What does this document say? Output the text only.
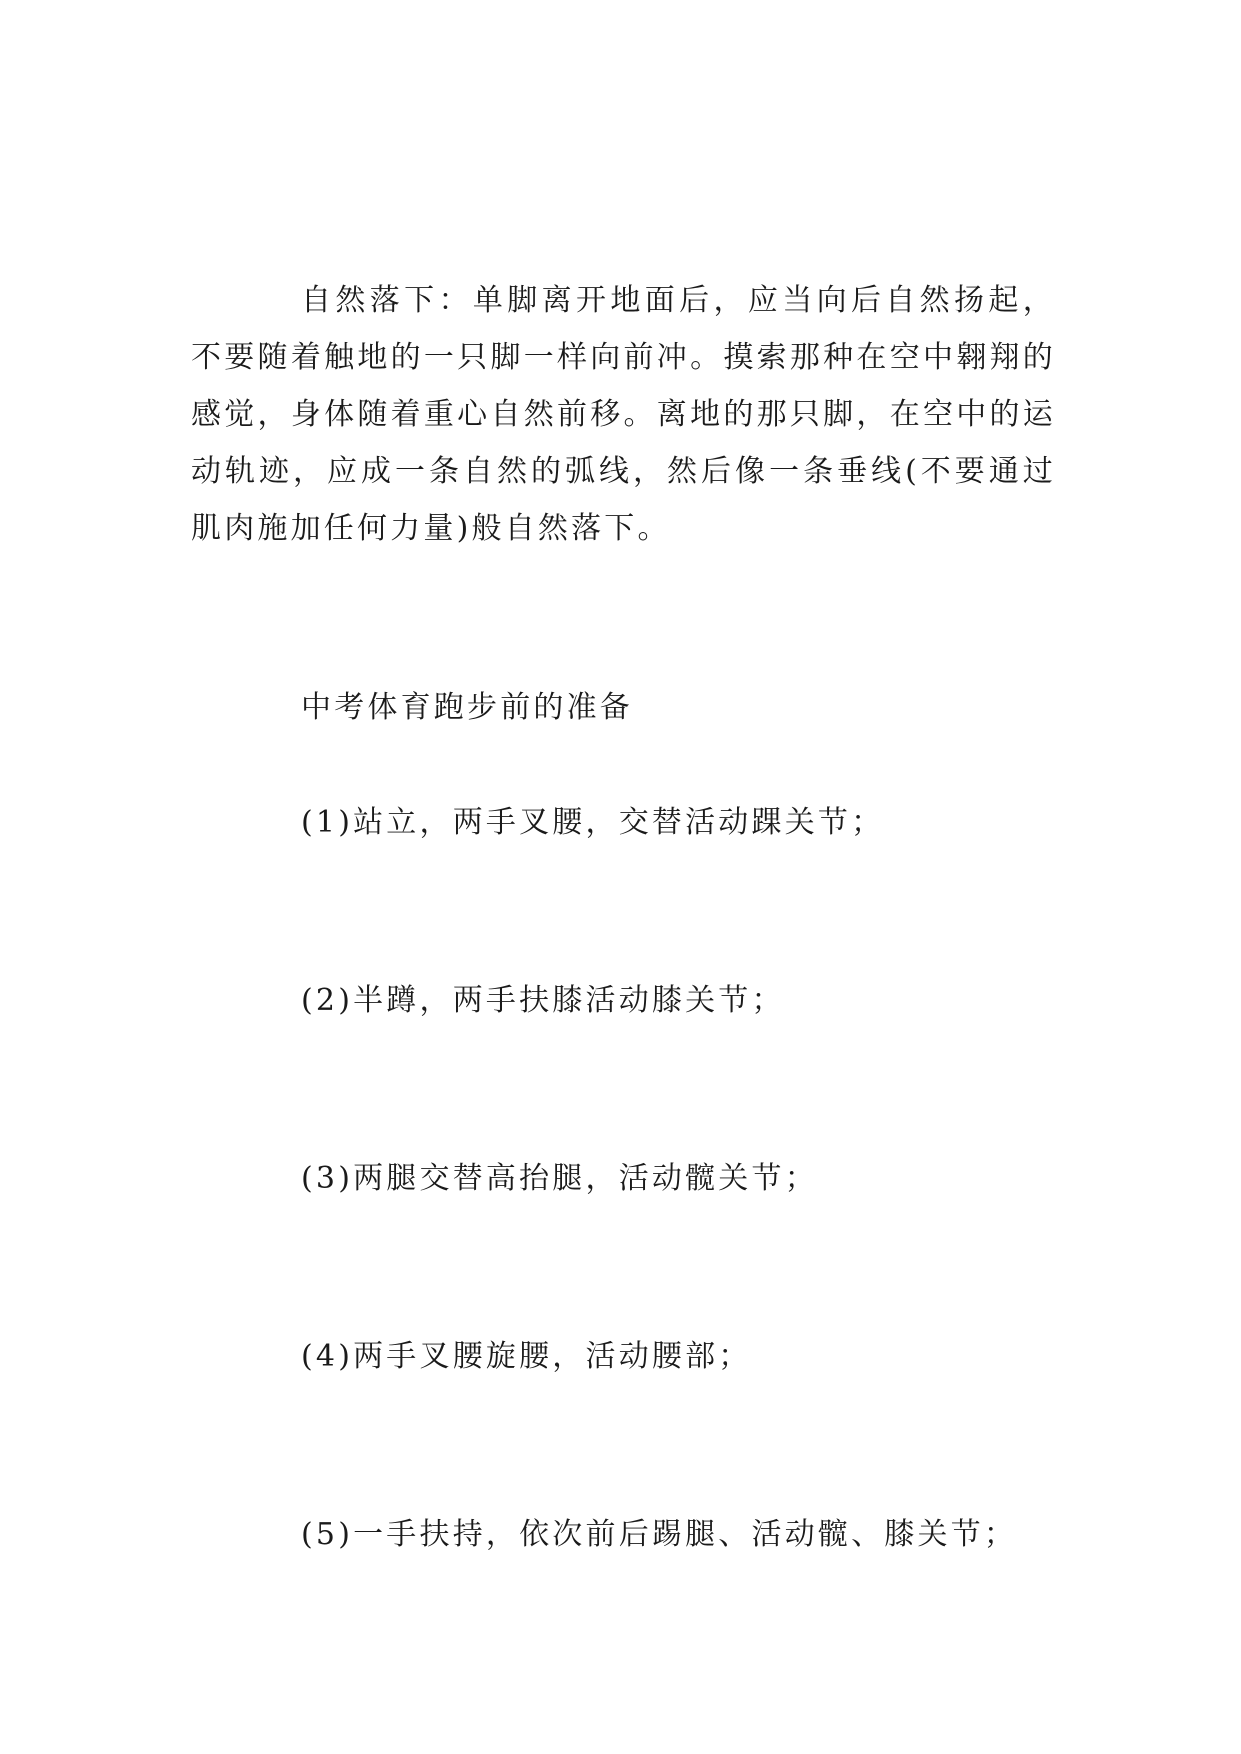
自然落下：单脚离开地面后，应当向后自然扬起，不要随着触地的一只脚一样向前冲。摸索那种在空中翱翔的感觉，身体随着重心自然前移。离地的那只脚，在空中的运动轨迹，应成一条自然的弧线，然后像一条垂线(不要通过肌肉施加任何力量)般自然落下。

中考体育跑步前的准备

(1)站立，两手叉腰，交替活动踝关节；

(2)半蹲，两手扶膝活动膝关节；

(3)两腿交替高抬腿，活动髋关节；

(4)两手叉腰旋腰，活动腰部；

(5)一手扶持，依次前后踢腿、活动髋、膝关节；
